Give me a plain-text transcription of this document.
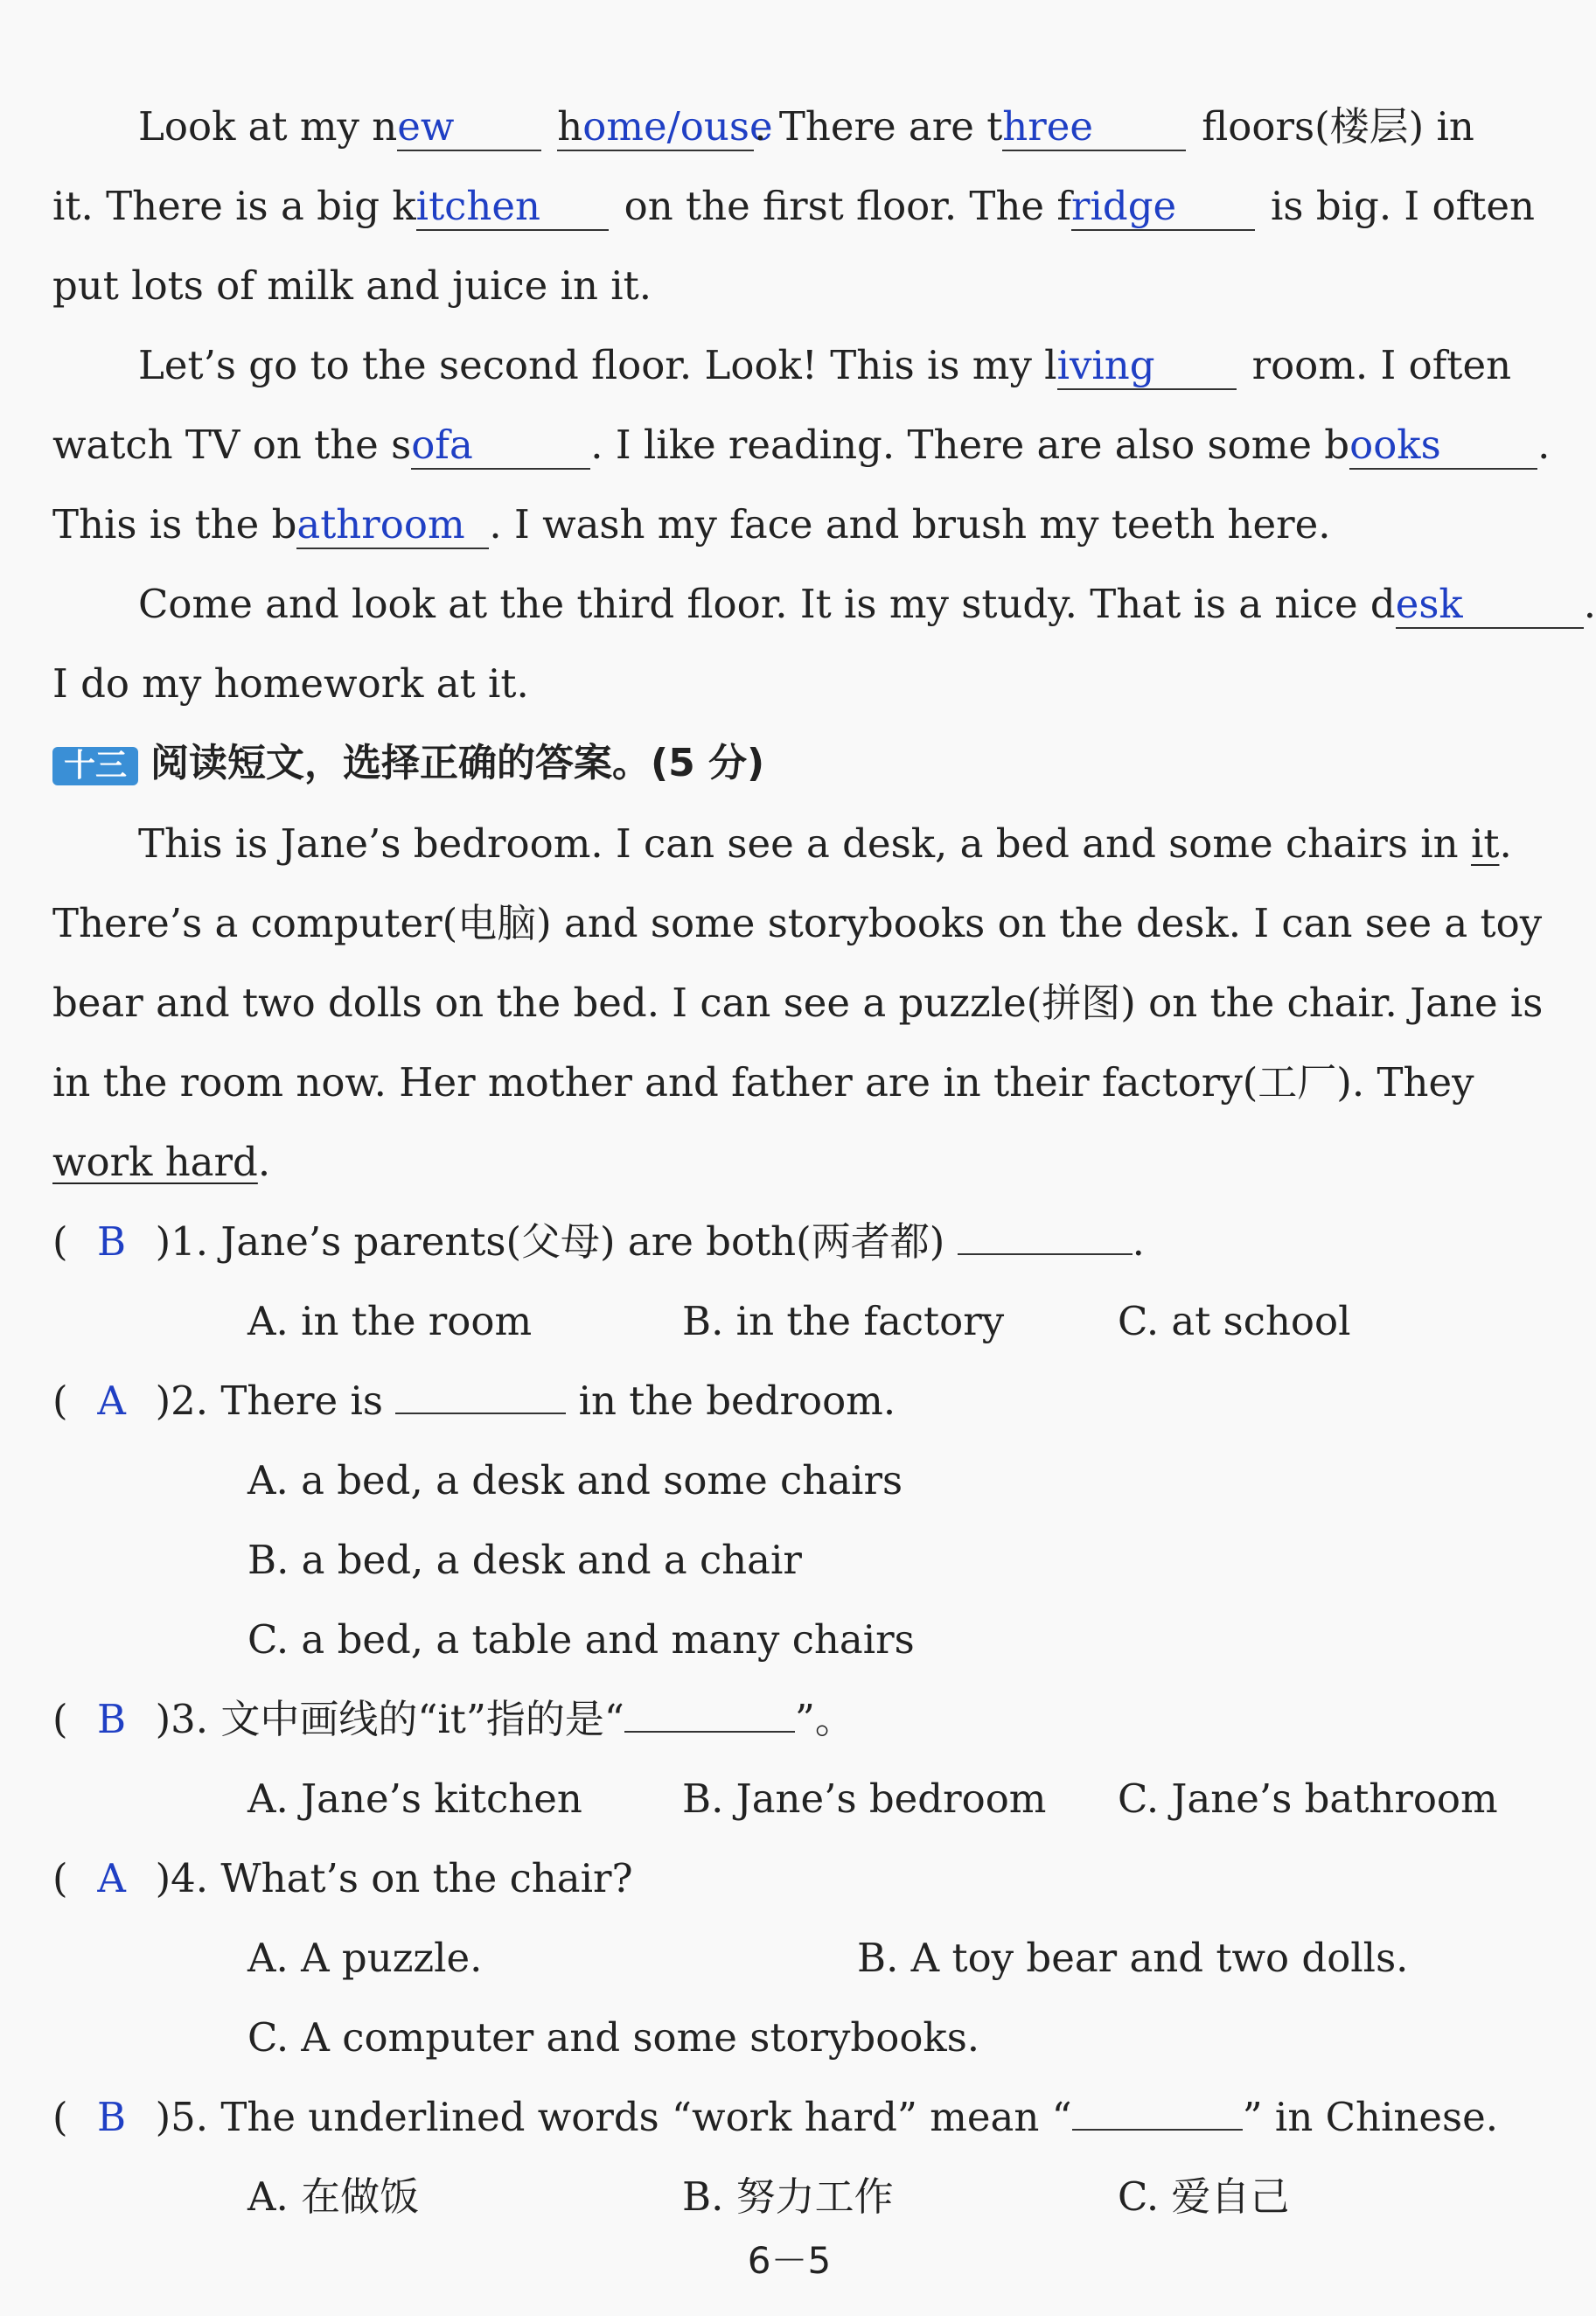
Look at my new	home/ouse. There are three	floors(楼层) in
it. There is a big kitchen on the first floor. The fridge is big. I often
put lots of milk and juice in it.
Let’s go to the second floor. Look! This is my living room. I often
watch TV on the sofa	. I like reading. There are also some books .
This is the bathroom . I wash my face and brush my teeth here.
Come and look at the third floor. It is my study. That is a nice desk	.
I do my homework at it.
十三 阅读短文，选择正确的答案。(5 分)
This is Jane’s bedroom. I can see a desk, a bed and some chairs in it.
There’s a computer(电脑) and some storybooks on the desk. I can see a toy
bear and two dolls on the bed. I can see a puzzle(拼图) on the chair. Jane is
in the room now. Her mother and father are in their factory(工厂). They
work hard.
( B )1. Jane’s parents(父母) are both(两者都)	.
A. in the room	B. in the factory	C. at school
( A )2. There is	in the bedroom.
A. a bed, a desk and some chairs
B. a bed, a desk and a chair
C. a bed, a table and many chairs
( B )3. 文中画线的“it”指的是“	”。
A. Jane’s kitchen	B. Jane’s bedroom C. Jane’s bathroom
( A )4. What’s on the chair?
A. A puzzle.	B. A toy bear and two dolls.
C. A computer and some storybooks.
( B )5. The underlined words “work hard” mean “	” in Chinese.
A. 在做饭	B. 努力工作	C. 爱自己
6－5
